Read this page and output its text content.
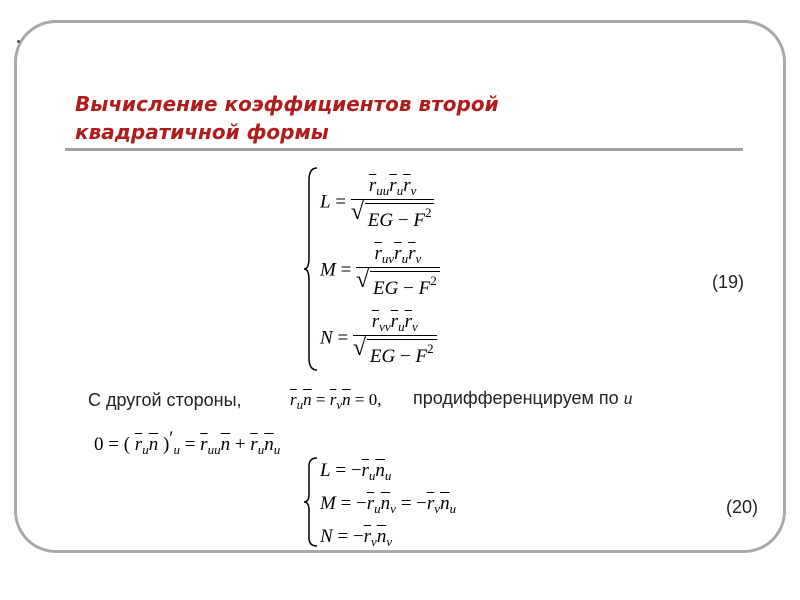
Вычисление коэффициентов второй
квадратичной формы
$L = \frac{\overline{r}_{uu}\overline{r}_u\overline{r}_v}{√ EG - F^2}$
$M = \frac{\overline{r}_{uv}\overline{r}_u\overline{r}_v}{√ EG - F^2}$
$N = \frac{\overline{r}_{vv}\overline{r}_u\overline{r}_v}{√ EG - F^2}$
(19)
С другой стороны,	$\overline{r}_u\overline{n} = \overline{r}_v\overline{n} = 0$, продифференцируем по u
0 = ( $\overline{r}_u\overline{n}$ )$'_u = \overline{r}_{uu}\overline{n} + \overline{r}_u\overline{n}_u$
$L = -\overline{r}_u\overline{n}_u$
$M = -\overline{r}_u\overline{n}_v = -\overline{r}_v\overline{n}_u$
$N = -\overline{r}_v\overline{n}_v$
(20)
